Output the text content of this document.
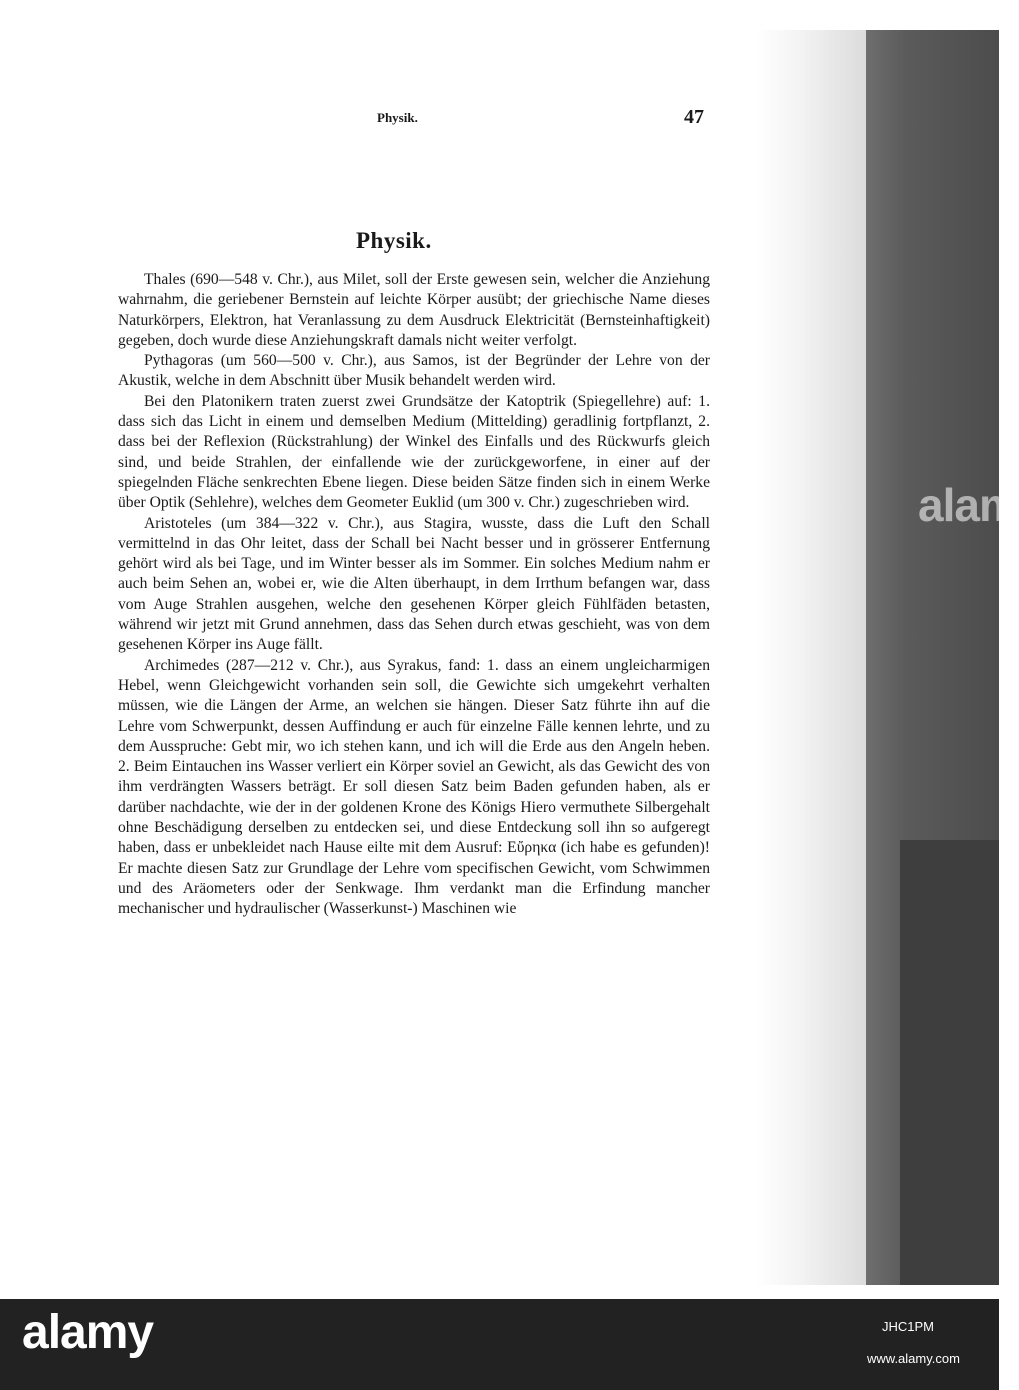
alam
Physik.	47
Physik.

Thales (690—548 v. Chr.), aus Milet, soll der Erste gewesen sein, welcher die Anziehung wahrnahm, die geriebener Bernstein auf leichte Körper ausübt; der griechische Name dieses Naturkörpers, Elektron, hat Veranlassung zu dem Ausdruck Elektricität (Bernsteinhaftigkeit) gegeben, doch wurde diese Anziehungskraft damals nicht weiter verfolgt.

Pythagoras (um 560—500 v. Chr.), aus Samos, ist der Begründer der Lehre von der Akustik, welche in dem Abschnitt über Musik behandelt werden wird.

Bei den Platonikern traten zuerst zwei Grundsätze der Katoptrik (Spiegellehre) auf: 1. dass sich das Licht in einem und demselben Medium (Mittelding) geradlinig fortpflanzt, 2. dass bei der Reflexion (Rückstrahlung) der Winkel des Einfalls und des Rückwurfs gleich sind, und beide Strahlen, der einfallende wie der zurückgeworfene, in einer auf der spiegelnden Fläche senkrechten Ebene liegen. Diese beiden Sätze finden sich in einem Werke über Optik (Sehlehre), welches dem Geometer Euklid (um 300 v. Chr.) zugeschrieben wird.

Aristoteles (um 384—322 v. Chr.), aus Stagira, wusste, dass die Luft den Schall vermittelnd in das Ohr leitet, dass der Schall bei Nacht besser und in grösserer Entfernung gehört wird als bei Tage, und im Winter besser als im Sommer. Ein solches Medium nahm er auch beim Sehen an, wobei er, wie die Alten überhaupt, in dem Irrthum befangen war, dass vom Auge Strahlen ausgehen, welche den gesehenen Körper gleich Fühlfäden betasten, während wir jetzt mit Grund annehmen, dass das Sehen durch etwas geschieht, was von dem gesehenen Körper ins Auge fällt.

Archimedes (287—212 v. Chr.), aus Syrakus, fand: 1. dass an einem ungleicharmigen Hebel, wenn Gleichgewicht vorhanden sein soll, die Gewichte sich umgekehrt verhalten müssen, wie die Längen der Arme, an welchen sie hängen. Dieser Satz führte ihn auf die Lehre vom Schwerpunkt, dessen Auffindung er auch für einzelne Fälle kennen lehrte, und zu dem Ausspruche: Gebt mir, wo ich stehen kann, und ich will die Erde aus den Angeln heben. 2. Beim Eintauchen ins Wasser verliert ein Körper soviel an Gewicht, als das Gewicht des von ihm verdrängten Wassers beträgt. Er soll diesen Satz beim Baden gefunden haben, als er darüber nachdachte, wie der in der goldenen Krone des Königs Hiero vermuthete Silbergehalt ohne Beschädigung derselben zu entdecken sei, und diese Entdeckung soll ihn so aufgeregt haben, dass er unbekleidet nach Hause eilte mit dem Ausruf: Εὔρηκα (ich habe es gefunden)! Er machte diesen Satz zur Grundlage der Lehre vom specifischen Gewicht, vom Schwimmen und des Aräometers oder der Senkwage. Ihm verdankt man die Erfindung mancher mechanischer und hydraulischer (Wasserkunst-) Maschinen wie

alamy	JHC1PM
www.alamy.com
